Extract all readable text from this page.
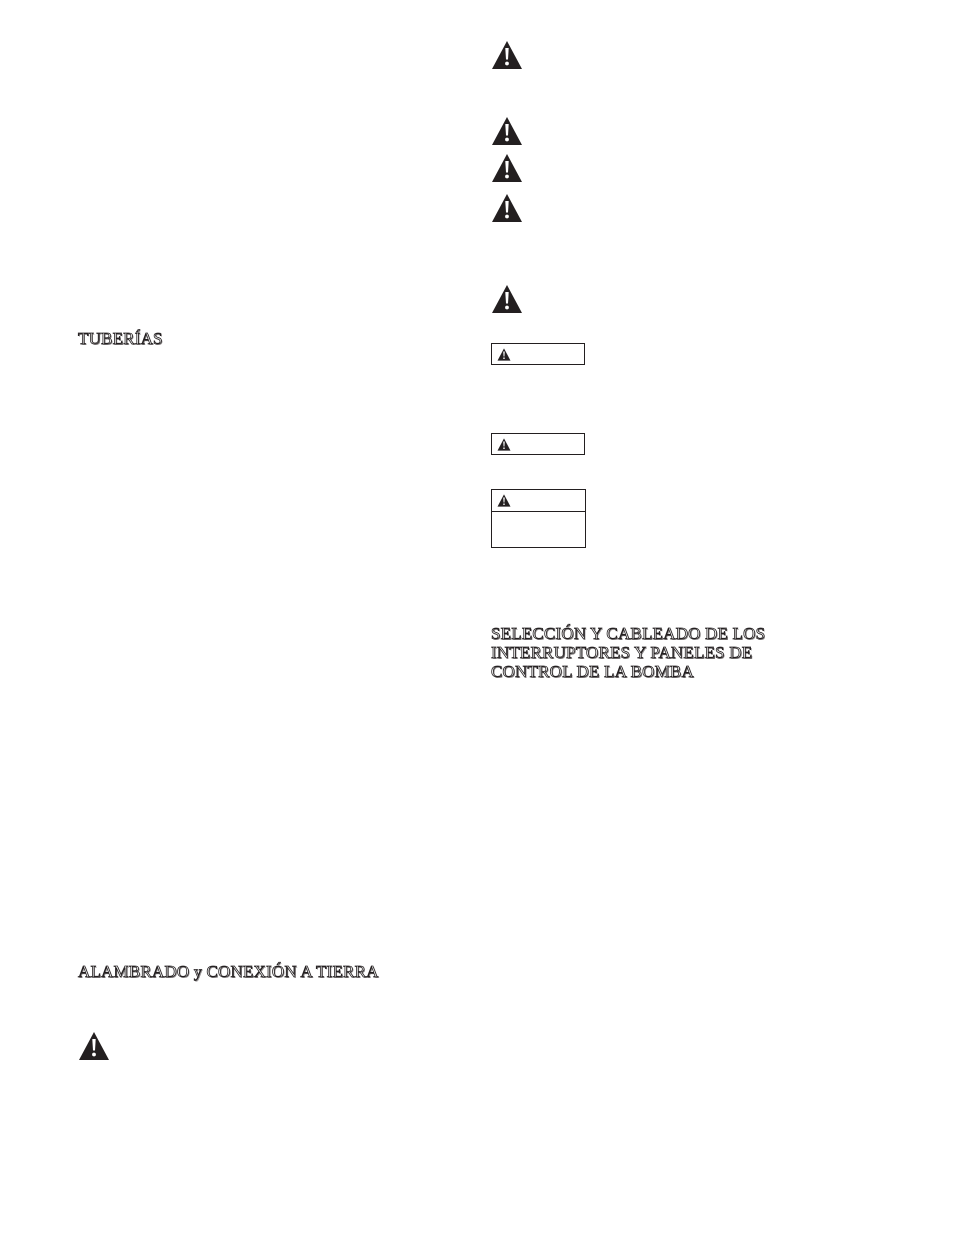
TUBERÍAS
ALAMBRADO y CONEXIÓN A TIERRA
SELECCIÓN Y CABLEADO DE LOS
INTERRUPTORES Y PANELES DE
CONTROL DE LA BOMBA
